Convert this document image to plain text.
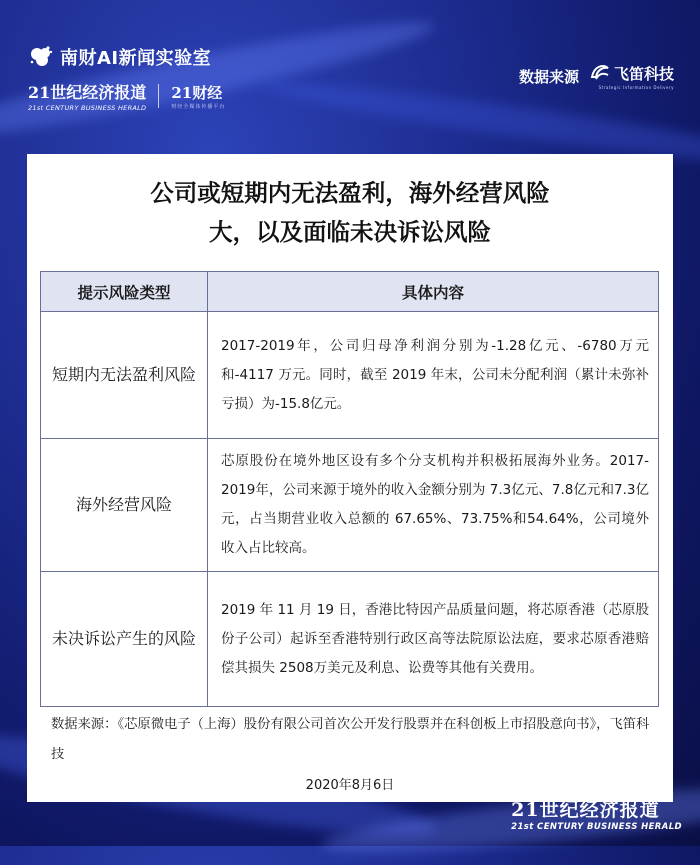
南财AI新闻实验室
21世纪经济报道
21st CENTURY BUSINESS HERALD
21财经
财经全媒体传播平台
数据来源 飞笛科技
Strategic Information Delivery
公司或短期内无法盈利，海外经营风险
大，以及面临未决诉讼风险
提示风险类型	具体内容
短期内无法盈利风险	2017-2019年，公司归母净利润分别为-1.28亿元、-6780万元和-4117 万元。同时，截至 2019 年末，公司未分配利润（累计未弥补亏损）为-15.8亿元。
海外经营风险	芯原股份在境外地区设有多个分支机构并积极拓展海外业务。2017-2019年，公司来源于境外的收入金额分别为 7.3亿元、7.8亿元和7.3亿元，占当期营业收入总额的 67.65%、73.75%和54.64%，公司境外收入占比较高。
未决诉讼产生的风险	2019 年 11 月 19 日，香港比特因产品质量问题，将芯原香港（芯原股份子公司）起诉至香港特别行政区高等法院原讼法庭，要求芯原香港赔偿其损失 2508万美元及利息、讼费等其他有关费用。
数据来源：《芯原微电子（上海）股份有限公司首次公开发行股票并在科创板上市招股意向书》，飞笛科技
2020年8月6日
21世纪经济报道
21st CENTURY BUSINESS HERALD
